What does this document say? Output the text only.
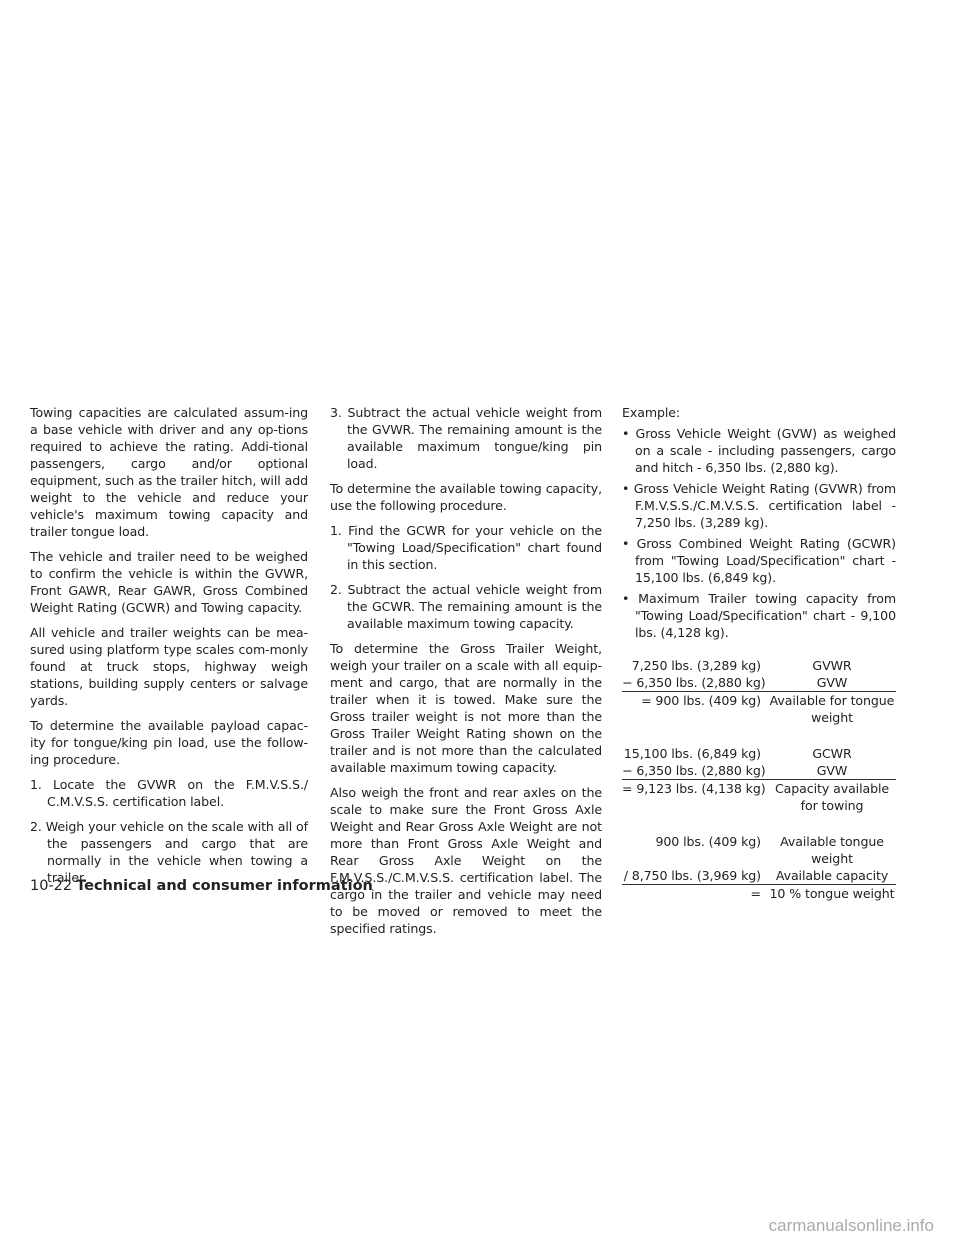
Towing capacities are calculated assum-ing a base vehicle with driver and any op-tions required to achieve the rating. Addi-tional passengers, cargo and/or optional equipment, such as the trailer hitch, will add weight to the vehicle and reduce your vehicle's maximum towing capacity and trailer tongue load.

The vehicle and trailer need to be weighed to confirm the vehicle is within the GVWR, Front GAWR, Rear GAWR, Gross Combined Weight Rating (GCWR) and Towing capacity.

All vehicle and trailer weights can be mea-sured using platform type scales com-monly found at truck stops, highway weigh stations, building supply centers or salvage yards.

To determine the available payload capac-ity for tongue/king pin load, use the follow-ing procedure.

1. Locate the GVWR on the F.M.V.S.S./ C.M.V.S.S. certification label.

2. Weigh your vehicle on the scale with all of the passengers and cargo that are normally in the vehicle when towing a trailer.

3. Subtract the actual vehicle weight from the GVWR. The remaining amount is the available maximum tongue/king pin load.

To determine the available towing capacity, use the following procedure.

1. Find the GCWR for your vehicle on the "Towing Load/Specification" chart found in this section.

2. Subtract the actual vehicle weight from the GCWR. The remaining amount is the available maximum towing capacity.

To determine the Gross Trailer Weight, weigh your trailer on a scale with all equip-ment and cargo, that are normally in the trailer when it is towed. Make sure the Gross trailer weight is not more than the Gross Trailer Weight Rating shown on the trailer and is not more than the calculated available maximum towing capacity.

Also weigh the front and rear axles on the scale to make sure the Front Gross Axle Weight and Rear Gross Axle Weight are not more than Front Gross Axle Weight and Rear Gross Axle Weight on the F.M.V.S.S./C.M.V.S.S. certification label. The cargo in the trailer and vehicle may need to be moved or removed to meet the specified ratings.

Example:

• Gross Vehicle Weight (GVW) as weighed on a scale - including passengers, cargo and hitch - 6,350 lbs. (2,880 kg).

• Gross Vehicle Weight Rating (GVWR) from F.M.V.S.S./C.M.V.S.S. certification label - 7,250 lbs. (3,289 kg).

• Gross Combined Weight Rating (GCWR) from "Towing Load/Specification" chart - 15,100 lbs. (6,849 kg).

• Maximum Trailer towing capacity from "Towing Load/Specification" chart - 9,100 lbs. (4,128 kg).

7,250 lbs. (3,289 kg)	GVWR
− 6,350 lbs. (2,880 kg)	GVW
= 900 lbs. (409 kg) Available for tongue weight
15,100 lbs. (6,849 kg)	GCWR
− 6,350 lbs. (2,880 kg)	GVW
= 9,123 lbs. (4,138 kg) Capacity available for towing
900 lbs. (409 kg)	Available tongue weight
/ 8,750 lbs. (3,969 kg)	Available capacity
= 10 % tongue weight
10-22 Technical and consumer information
carmanualsonline.info
